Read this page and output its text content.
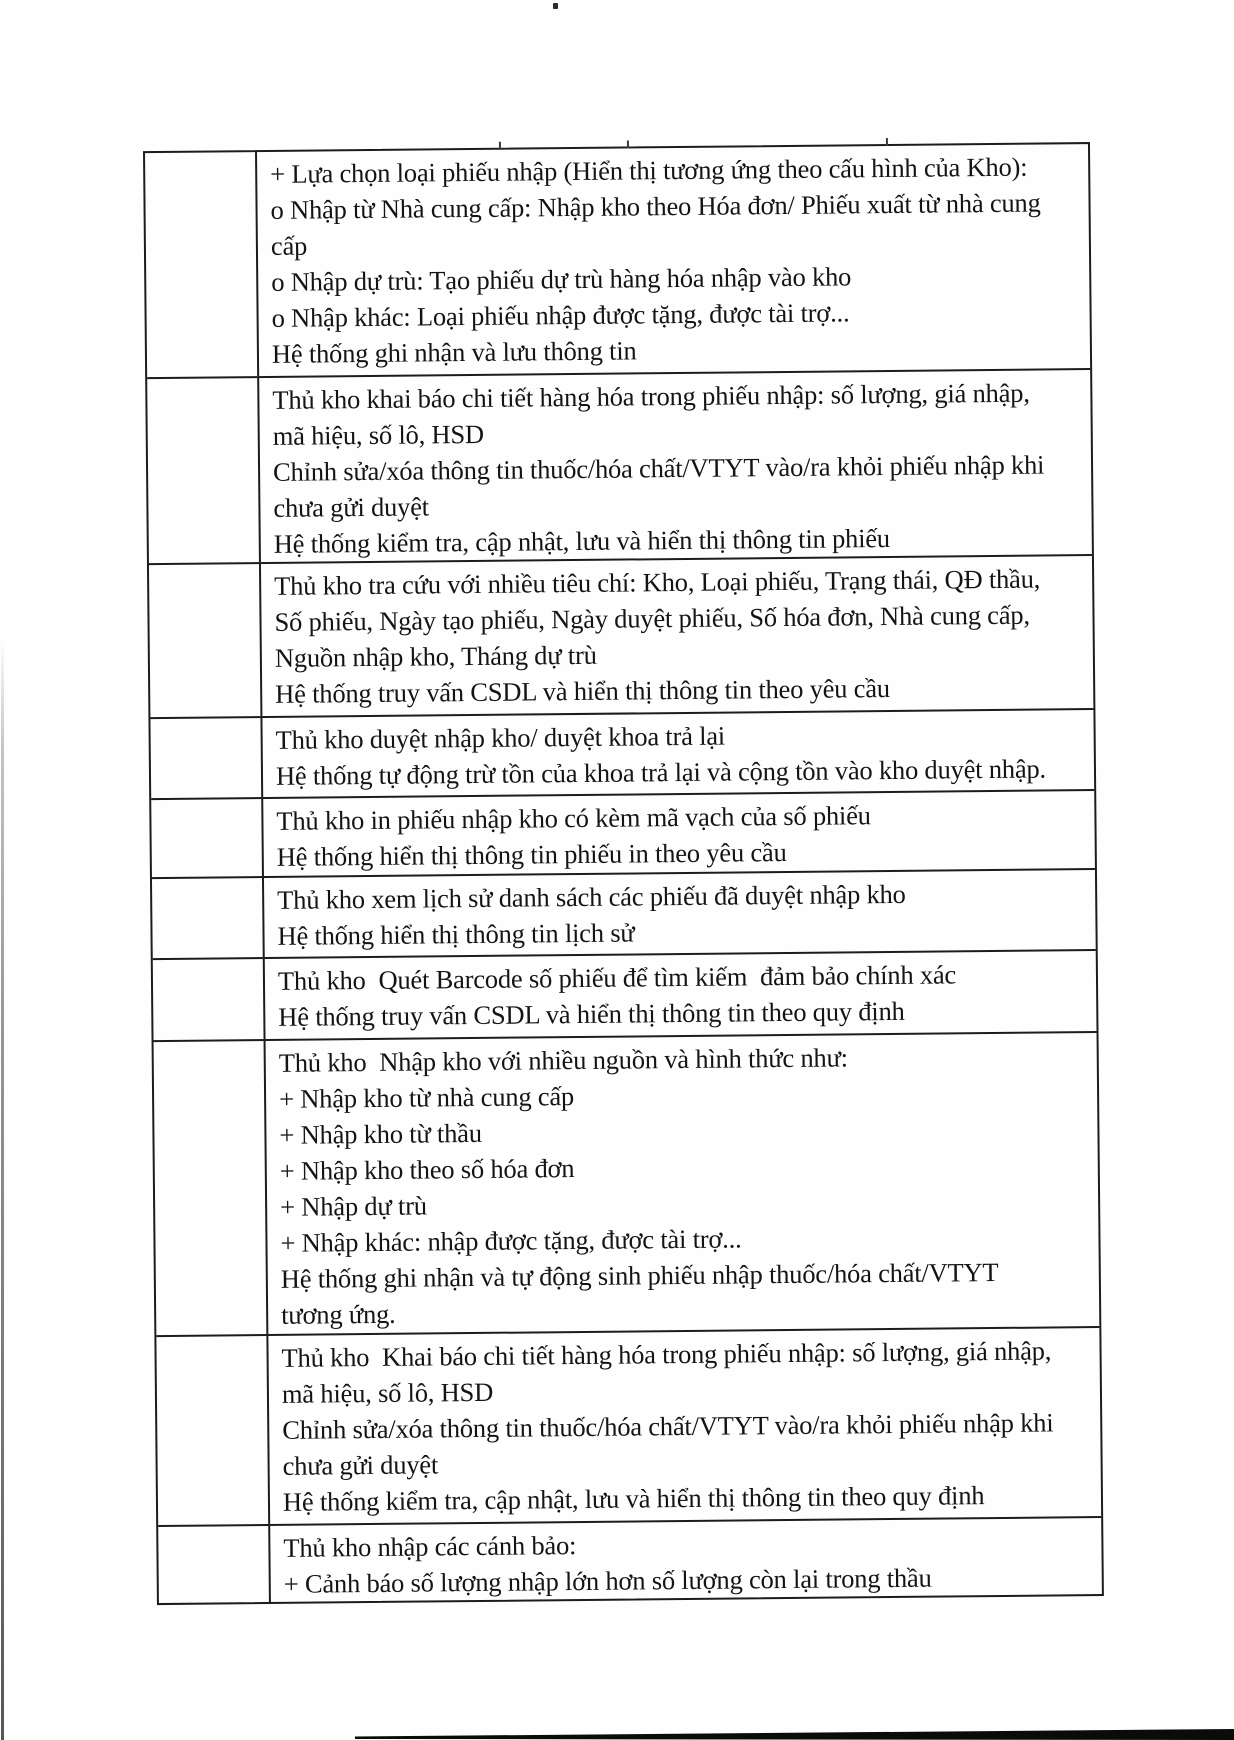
+ Lựa chọn loại phiếu nhập (Hiển thị tương ứng theo cấu hình của Kho):
o Nhập từ Nhà cung cấp: Nhập kho theo Hóa đơn/ Phiếu xuất từ nhà cung
cấp
o Nhập dự trù: Tạo phiếu dự trù hàng hóa nhập vào kho
o Nhập khác: Loại phiếu nhập được tặng, được tài trợ...
Hệ thống ghi nhận và lưu thông tin
Thủ kho khai báo chi tiết hàng hóa trong phiếu nhập: số lượng, giá nhập,
mã hiệu, số lô, HSD
Chỉnh sửa/xóa thông tin thuốc/hóa chất/VTYT vào/ra khỏi phiếu nhập khi
chưa gửi duyệt
Hệ thống kiểm tra, cập nhật, lưu và hiển thị thông tin phiếu
Thủ kho tra cứu với nhiều tiêu chí: Kho, Loại phiếu, Trạng thái, QĐ thầu,
Số phiếu, Ngày tạo phiếu, Ngày duyệt phiếu, Số hóa đơn, Nhà cung cấp,
Nguồn nhập kho, Tháng dự trù
Hệ thống truy vấn CSDL và hiển thị thông tin theo yêu cầu
Thủ kho duyệt nhập kho/ duyệt khoa trả lại
Hệ thống tự động trừ tồn của khoa trả lại và cộng tồn vào kho duyệt nhập.
Thủ kho in phiếu nhập kho có kèm mã vạch của số phiếu
Hệ thống hiển thị thông tin phiếu in theo yêu cầu
Thủ kho xem lịch sử danh sách các phiếu đã duyệt nhập kho
Hệ thống hiển thị thông tin lịch sử
Thủ kho  Quét Barcode số phiếu để tìm kiếm  đảm bảo chính xác
Hệ thống truy vấn CSDL và hiển thị thông tin theo quy định
Thủ kho  Nhập kho với nhiều nguồn và hình thức như:
+ Nhập kho từ nhà cung cấp
+ Nhập kho từ thầu
+ Nhập kho theo số hóa đơn
+ Nhập dự trù
+ Nhập khác: nhập được tặng, được tài trợ...
Hệ thống ghi nhận và tự động sinh phiếu nhập thuốc/hóa chất/VTYT
tương ứng.
Thủ kho  Khai báo chi tiết hàng hóa trong phiếu nhập: số lượng, giá nhập,
mã hiệu, số lô, HSD
Chỉnh sửa/xóa thông tin thuốc/hóa chất/VTYT vào/ra khỏi phiếu nhập khi
chưa gửi duyệt
Hệ thống kiểm tra, cập nhật, lưu và hiển thị thông tin theo quy định
Thủ kho nhập các cánh bảo:
+ Cảnh báo số lượng nhập lớn hơn số lượng còn lại trong thầu
